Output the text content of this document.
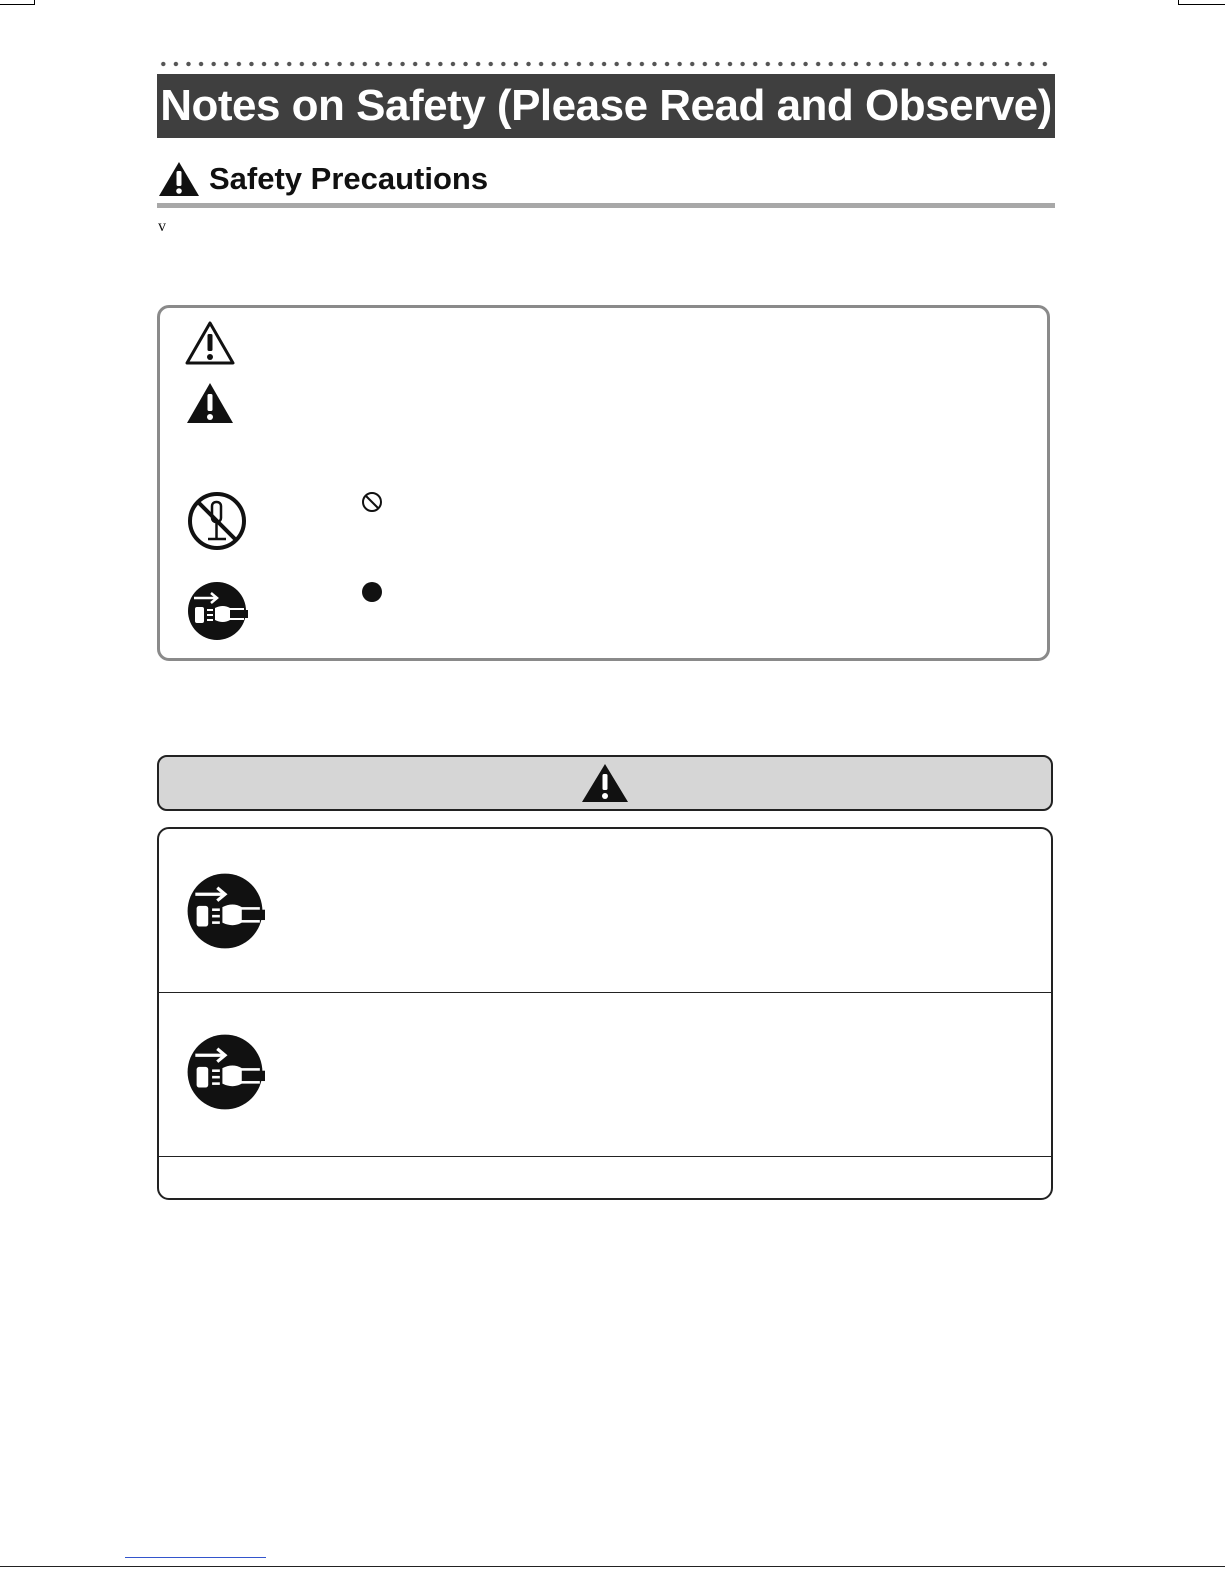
Notes on Safety (Please Read and Observe)
Safety Precautions
v
